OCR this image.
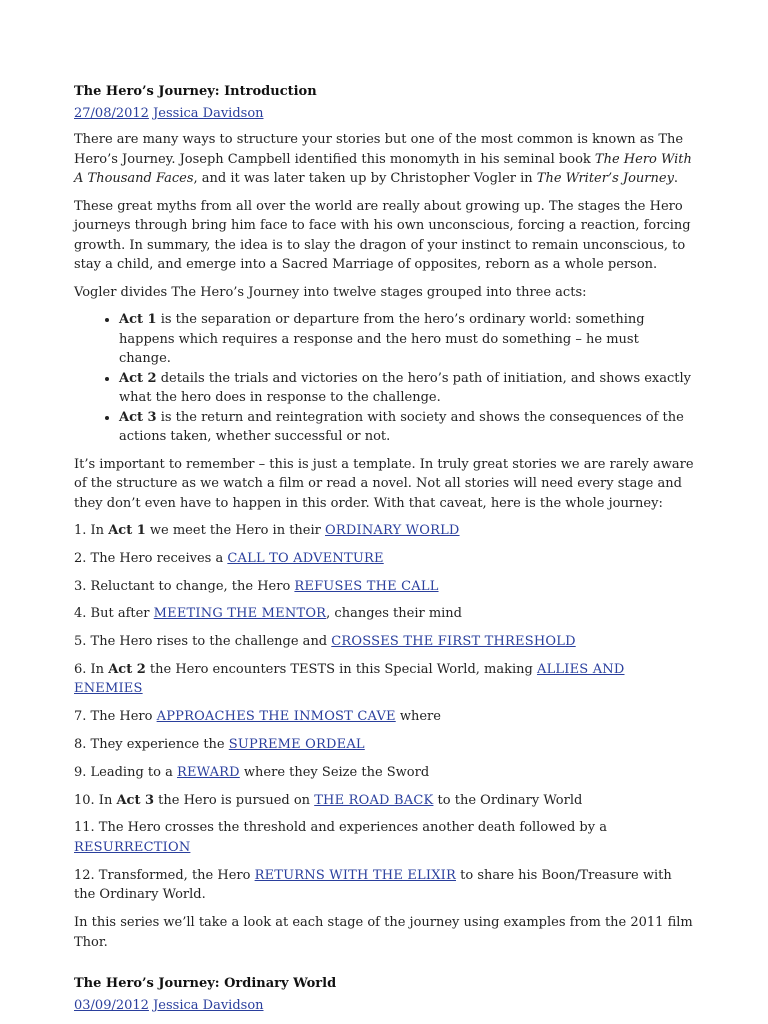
The Hero’s Journey: Introduction
27/08/2012 Jessica Davidson

There are many ways to structure your stories but one of the most common is known as The Hero’s Journey. Joseph Campbell identified this monomyth in his seminal book The Hero With A Thousand Faces, and it was later taken up by Christopher Vogler in The Writer’s Journey.

These great myths from all over the world are really about growing up. The stages the Hero journeys through bring him face to face with his own unconscious, forcing a reaction, forcing growth. In summary, the idea is to slay the dragon of your instinct to remain unconscious, to stay a child, and emerge into a Sacred Marriage of opposites, reborn as a whole person.

Vogler divides The Hero’s Journey into twelve stages grouped into three acts:

• Act 1 is the separation or departure from the hero’s ordinary world: something happens which requires a response and the hero must do something – he must change.
• Act 2 details the trials and victories on the hero’s path of initiation, and shows exactly what the hero does in response to the challenge.
• Act 3 is the return and reintegration with society and shows the consequences of the actions taken, whether successful or not.

It’s important to remember – this is just a template. In truly great stories we are rarely aware of the structure as we watch a film or read a novel. Not all stories will need every stage and they don’t even have to happen in this order. With that caveat, here is the whole journey:

1. In Act 1 we meet the Hero in their ORDINARY WORLD

2. The Hero receives a CALL TO ADVENTURE

3. Reluctant to change, the Hero REFUSES THE CALL

4. But after MEETING THE MENTOR, changes their mind

5. The Hero rises to the challenge and CROSSES THE FIRST THRESHOLD

6. In Act 2 the Hero encounters TESTS in this Special World, making ALLIES AND ENEMIES

7. The Hero APPROACHES THE INMOST CAVE where

8. They experience the SUPREME ORDEAL

9. Leading to a REWARD where they Seize the Sword

10. In Act 3 the Hero is pursued on THE ROAD BACK to the Ordinary World

11. The Hero crosses the threshold and experiences another death followed by a RESURRECTION

12. Transformed, the Hero RETURNS WITH THE ELIXIR to share his Boon/Treasure with the Ordinary World.

In this series we’ll take a look at each stage of the journey using examples from the 2011 film Thor.

The Hero’s Journey: Ordinary World
03/09/2012 Jessica Davidson
